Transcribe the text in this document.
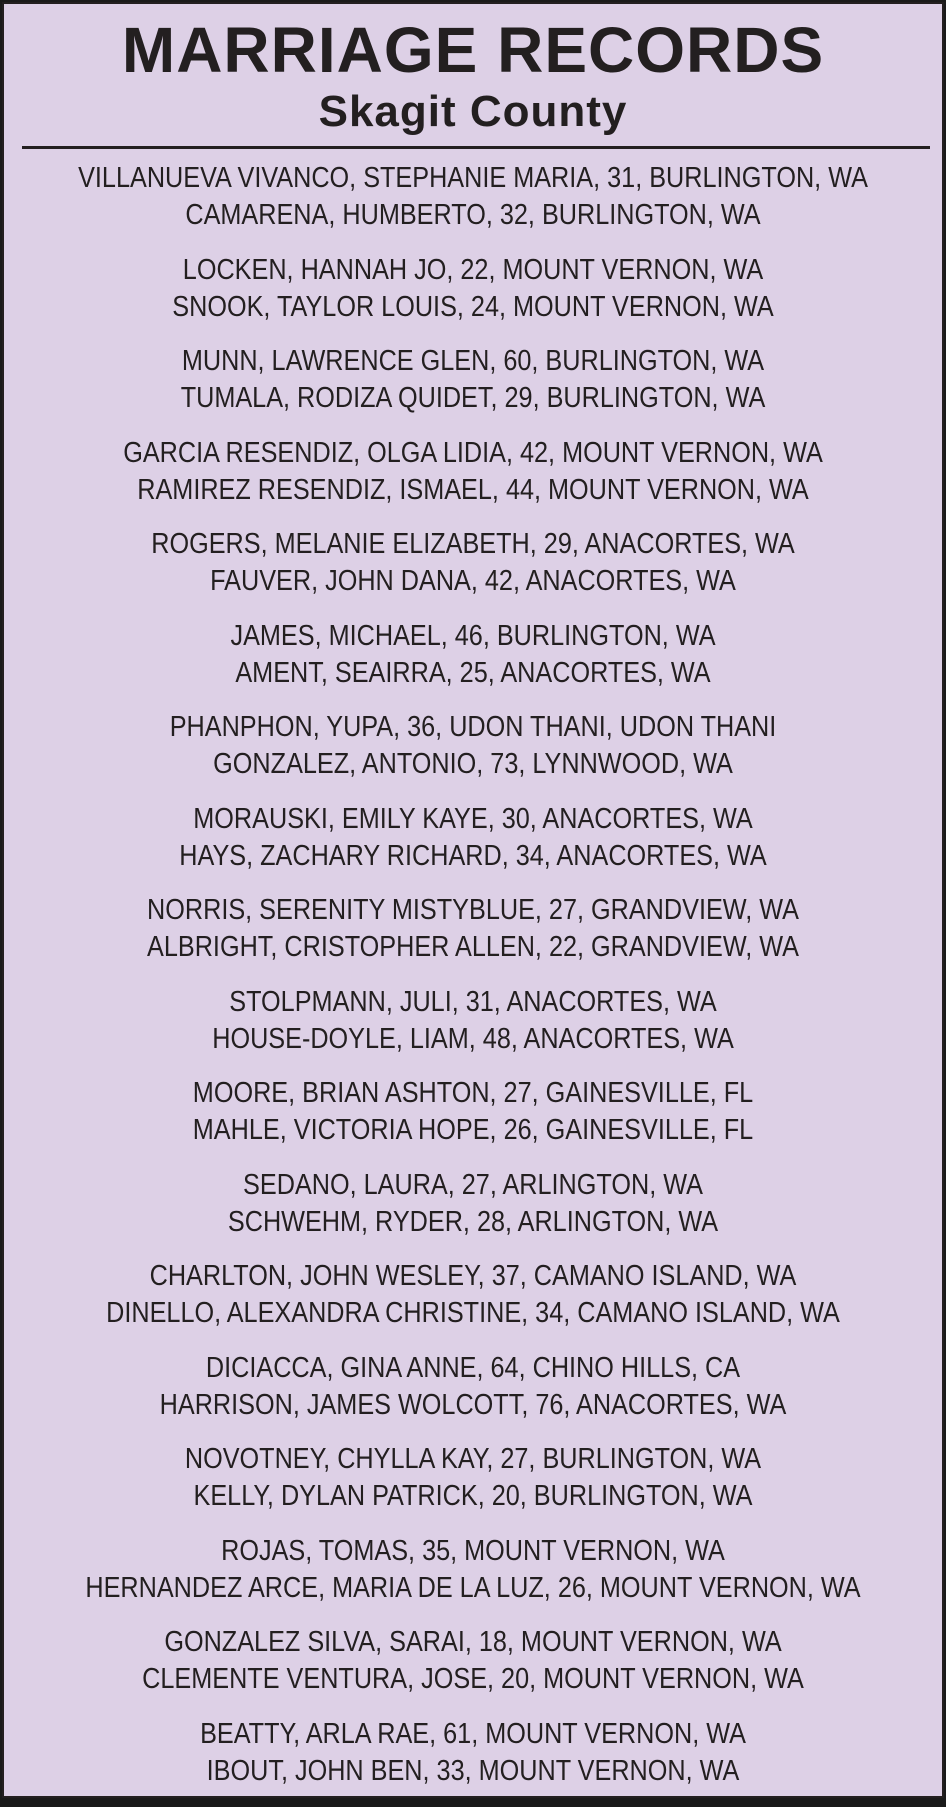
MARRIAGE RECORDS
Skagit County
VILLANUEVA VIVANCO, STEPHANIE MARIA, 31, BURLINGTON, WA
CAMARENA, HUMBERTO, 32, BURLINGTON, WA
LOCKEN, HANNAH JO, 22, MOUNT VERNON, WA
SNOOK, TAYLOR LOUIS, 24, MOUNT VERNON, WA
MUNN, LAWRENCE GLEN, 60, BURLINGTON, WA
TUMALA, RODIZA QUIDET, 29, BURLINGTON, WA
GARCIA RESENDIZ, OLGA LIDIA, 42, MOUNT VERNON, WA
RAMIREZ RESENDIZ, ISMAEL, 44, MOUNT VERNON, WA
ROGERS, MELANIE ELIZABETH, 29, ANACORTES, WA
FAUVER, JOHN DANA, 42, ANACORTES, WA
JAMES, MICHAEL, 46, BURLINGTON, WA
AMENT, SEAIRRA, 25, ANACORTES, WA
PHANPHON, YUPA, 36, UDON THANI, UDON THANI
GONZALEZ, ANTONIO, 73, LYNNWOOD, WA
MORAUSKI, EMILY KAYE, 30, ANACORTES, WA
HAYS, ZACHARY RICHARD, 34, ANACORTES, WA
NORRIS, SERENITY MISTYBLUE, 27, GRANDVIEW, WA
ALBRIGHT, CRISTOPHER ALLEN, 22, GRANDVIEW, WA
STOLPMANN, JULI, 31, ANACORTES, WA
HOUSE-DOYLE, LIAM, 48, ANACORTES, WA
MOORE, BRIAN ASHTON, 27, GAINESVILLE, FL
MAHLE, VICTORIA HOPE, 26, GAINESVILLE, FL
SEDANO, LAURA, 27, ARLINGTON, WA
SCHWEHM, RYDER, 28, ARLINGTON, WA
CHARLTON, JOHN WESLEY, 37, CAMANO ISLAND, WA
DINELLO, ALEXANDRA CHRISTINE, 34, CAMANO ISLAND, WA
DICIACCA, GINA ANNE, 64, CHINO HILLS, CA
HARRISON, JAMES WOLCOTT, 76, ANACORTES, WA
NOVOTNEY, CHYLLA KAY, 27, BURLINGTON, WA
KELLY, DYLAN PATRICK, 20, BURLINGTON, WA
ROJAS, TOMAS, 35, MOUNT VERNON, WA
HERNANDEZ ARCE, MARIA DE LA LUZ, 26, MOUNT VERNON, WA
GONZALEZ SILVA, SARAI, 18, MOUNT VERNON, WA
CLEMENTE VENTURA, JOSE, 20, MOUNT VERNON, WA
BEATTY, ARLA RAE, 61, MOUNT VERNON, WA
IBOUT, JOHN BEN, 33, MOUNT VERNON, WA
